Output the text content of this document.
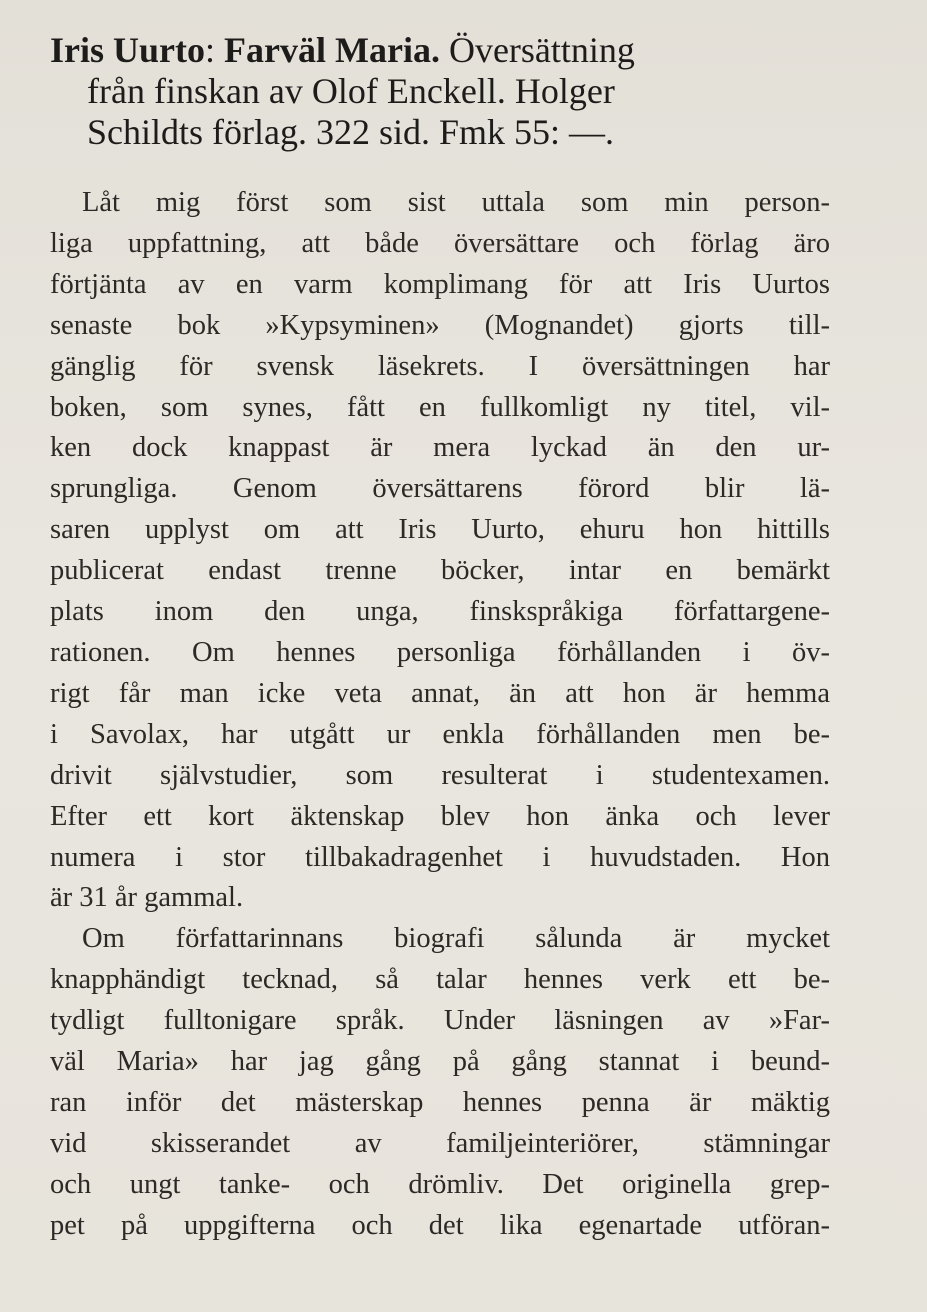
Iris Uurto: Farväl Maria. Översättning
från finskan av Olof Enckell. Holger
Schildts förlag. 322 sid. Fmk 55: —.
Låt mig först som sist uttala som min person-
liga uppfattning, att både översättare och förlag äro
förtjänta av en varm komplimang för att Iris Uurtos
senaste bok »Kypsyminen» (Mognandet) gjorts till-
gänglig för svensk läsekrets. I översättningen har
boken, som synes, fått en fullkomligt ny titel, vil-
ken dock knappast är mera lyckad än den ur-
sprungliga. Genom översättarens förord blir lä-
saren upplyst om att Iris Uurto, ehuru hon hittills
publicerat endast trenne böcker, intar en bemärkt
plats inom den unga, finskspråkiga författargene-
rationen. Om hennes personliga förhållanden i öv-
rigt får man icke veta annat, än att hon är hemma
i Savolax, har utgått ur enkla förhållanden men be-
drivit självstudier, som resulterat i studentexamen.
Efter ett kort äktenskap blev hon änka och lever
numera i stor tillbakadragenhet i huvudstaden. Hon
är 31 år gammal.
Om författarinnans biografi sålunda är mycket
knapphändigt tecknad, så talar hennes verk ett be-
tydligt fulltonigare språk. Under läsningen av »Far-
väl Maria» har jag gång på gång stannat i beund-
ran inför det mästerskap hennes penna är mäktig
vid skisserandet av familjeinteriörer, stämningar
och ungt tanke- och drömliv. Det originella grep-
pet på uppgifterna och det lika egenartade utföran-
